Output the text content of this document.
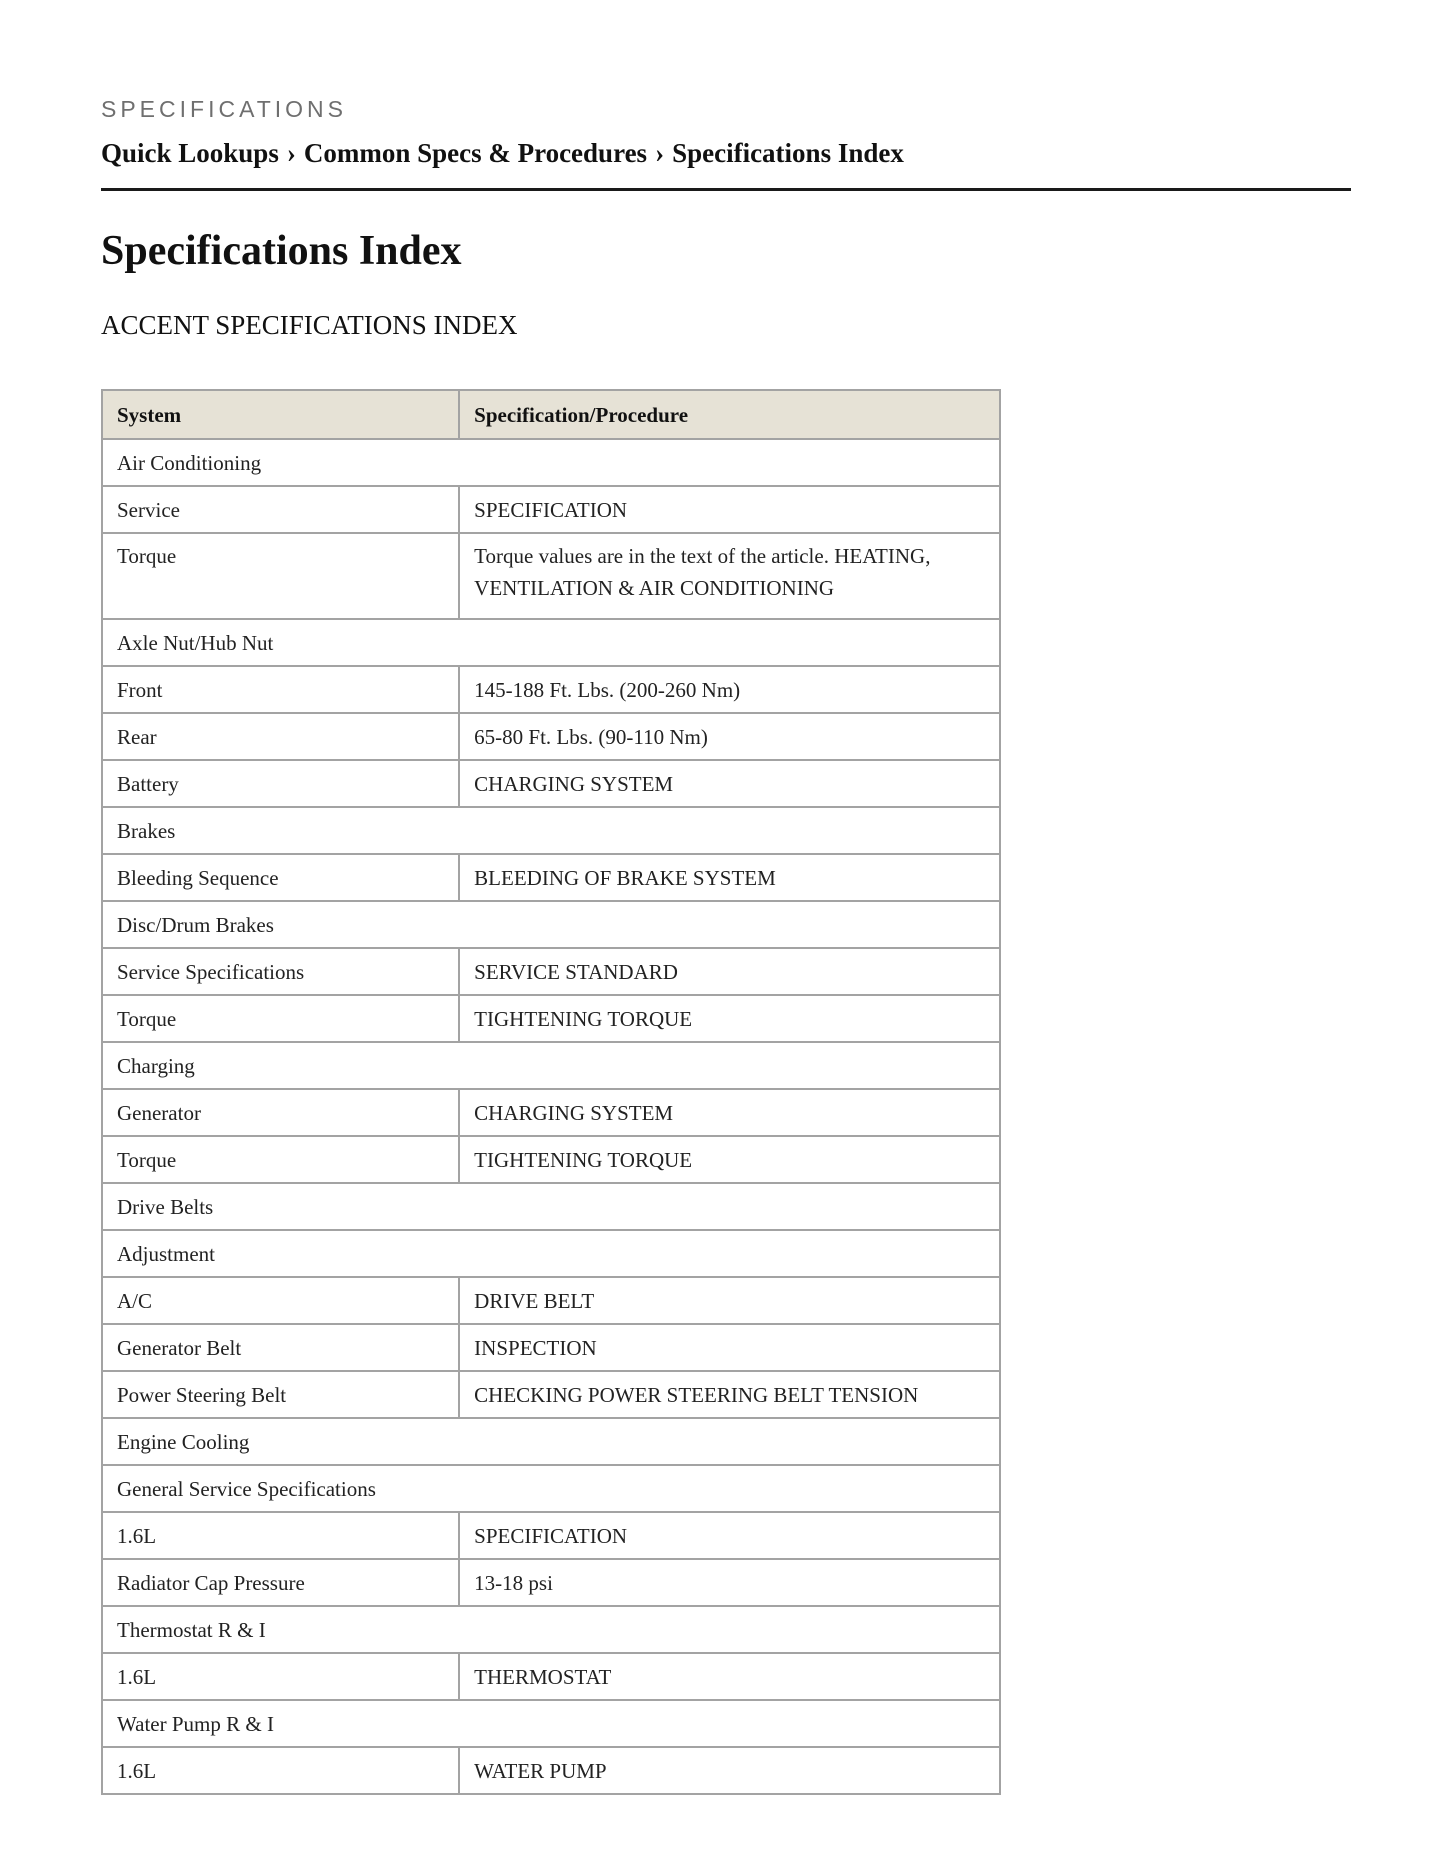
SPECIFICATIONS
Quick Lookups › Common Specs & Procedures › Specifications Index
Specifications Index
ACCENT SPECIFICATIONS INDEX
System	Specification/Procedure
Air Conditioning	
Service	SPECIFICATION
Torque	Torque values are in the text of the article. HEATING, VENTILATION & AIR CONDITIONING
Axle Nut/Hub Nut	
Front	145-188 Ft. Lbs. (200-260 Nm)
Rear	65-80 Ft. Lbs. (90-110 Nm)
Battery	CHARGING SYSTEM
Brakes	
Bleeding Sequence	BLEEDING OF BRAKE SYSTEM
Disc/Drum Brakes	
Service Specifications	SERVICE STANDARD
Torque	TIGHTENING TORQUE
Charging	
Generator	CHARGING SYSTEM
Torque	TIGHTENING TORQUE
Drive Belts	
Adjustment	
A/C	DRIVE BELT
Generator Belt	INSPECTION
Power Steering Belt	CHECKING POWER STEERING BELT TENSION
Engine Cooling	
General Service Specifications	
1.6L	SPECIFICATION
Radiator Cap Pressure	13-18 psi
Thermostat R & I	
1.6L	THERMOSTAT
Water Pump R & I	
1.6L	WATER PUMP
